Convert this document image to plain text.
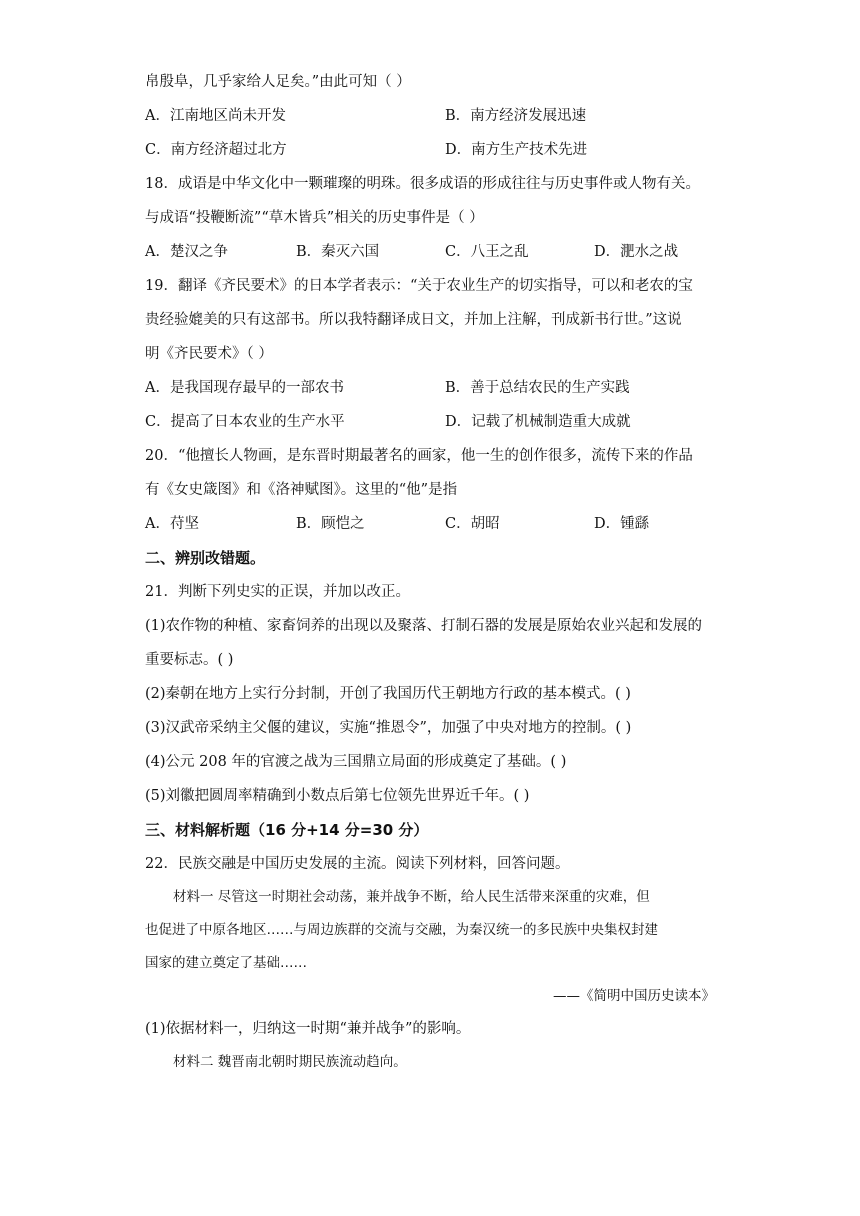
帛殷阜，几乎家给人足矣。”由此可知（ ）
A．江南地区尚未开发	B．南方经济发展迅速
C．南方经济超过北方	D．南方生产技术先进
18．成语是中华文化中一颗璀璨的明珠。很多成语的形成往往与历史事件或人物有关。
与成语“投鞭断流”“草木皆兵”相关的历史事件是（ ）
A．楚汉之争	B．秦灭六国	C．八王之乱	D．淝水之战
19．翻译《齐民要术》的日本学者表示：“关于农业生产的切实指导，可以和老农的宝
贵经验媲美的只有这部书。所以我特翻译成日文，并加上注解，刊成新书行世。”这说
明《齐民要术》（ ）
A．是我国现存最早的一部农书	B．善于总结农民的生产实践
C．提高了日本农业的生产水平	D．记载了机械制造重大成就
20．“他擅长人物画，是东晋时期最著名的画家，他一生的创作很多，流传下来的作品
有《女史箴图》和《洛神赋图》。这里的“他”是指
A．苻坚	B．顾恺之	C．胡昭	D．锺繇
二、辨别改错题。
21．判断下列史实的正误，并加以改正。
(1)农作物的种植、家畜饲养的出现以及聚落、打制石器的发展是原始农业兴起和发展的
重要标志。( )
(2)秦朝在地方上实行分封制，开创了我国历代王朝地方行政的基本模式。( )
(3)汉武帝采纳主父偃的建议，实施“推恩令”，加强了中央对地方的控制。( )
(4)公元 208 年的官渡之战为三国鼎立局面的形成奠定了基础。( )
(5)刘徽把圆周率精确到小数点后第七位领先世界近千年。( )
三、材料解析题（16 分+14 分=30 分）
22．民族交融是中国历史发展的主流。阅读下列材料，回答问题。
材料一 尽管这一时期社会动荡，兼并战争不断，给人民生活带来深重的灾难，但
也促进了中原各地区……与周边族群的交流与交融，为秦汉统一的多民族中央集权封建
国家的建立奠定了基础……
——《简明中国历史读本》
(1)依据材料一，归纳这一时期“兼并战争”的影响。
材料二 魏晋南北朝时期民族流动趋向。
